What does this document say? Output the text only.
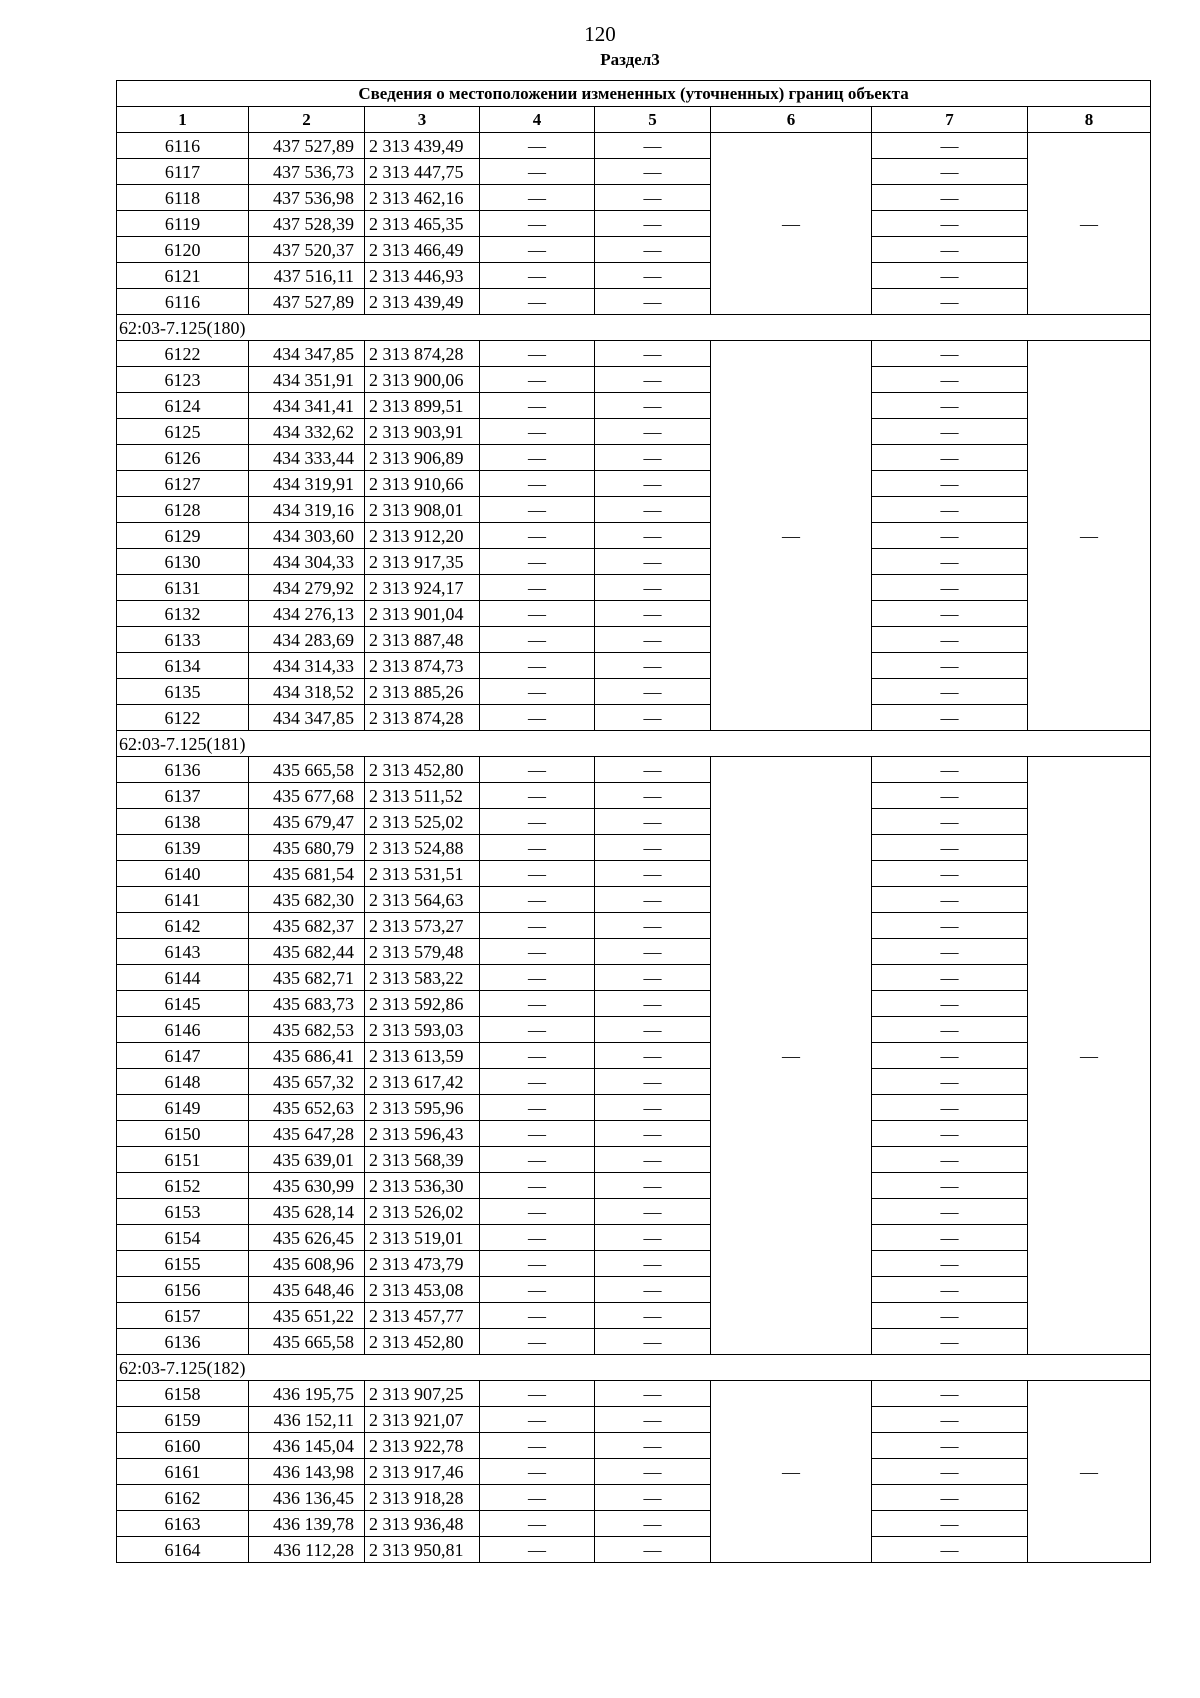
120
Раздел3
Сведения о местоположении измененных (уточненных) границ объекта							
1	2	3	4	5	6	7	8
6116	437 527,89	2 313 439,49	—	—	—	—	—
6117	437 536,73	2 313 447,75	—	—		—	
6118	437 536,98	2 313 462,16	—	—		—	
6119	437 528,39	2 313 465,35	—	—		—	
6120	437 520,37	2 313 466,49	—	—		—	
6121	437 516,11	2 313 446,93	—	—		—	
6116	437 527,89	2 313 439,49	—	—		—	
62:03-7.125(180)							
6122	434 347,85	2 313 874,28	—	—	—	—	—
6123	434 351,91	2 313 900,06	—	—		—	
6124	434 341,41	2 313 899,51	—	—		—	
6125	434 332,62	2 313 903,91	—	—		—	
6126	434 333,44	2 313 906,89	—	—		—	
6127	434 319,91	2 313 910,66	—	—		—	
6128	434 319,16	2 313 908,01	—	—		—	
6129	434 303,60	2 313 912,20	—	—		—	
6130	434 304,33	2 313 917,35	—	—		—	
6131	434 279,92	2 313 924,17	—	—		—	
6132	434 276,13	2 313 901,04	—	—		—	
6133	434 283,69	2 313 887,48	—	—		—	
6134	434 314,33	2 313 874,73	—	—		—	
6135	434 318,52	2 313 885,26	—	—		—	
6122	434 347,85	2 313 874,28	—	—		—	
62:03-7.125(181)							
6136	435 665,58	2 313 452,80	—	—	—	—	—
6137	435 677,68	2 313 511,52	—	—		—	
6138	435 679,47	2 313 525,02	—	—		—	
6139	435 680,79	2 313 524,88	—	—		—	
6140	435 681,54	2 313 531,51	—	—		—	
6141	435 682,30	2 313 564,63	—	—		—	
6142	435 682,37	2 313 573,27	—	—		—	
6143	435 682,44	2 313 579,48	—	—		—	
6144	435 682,71	2 313 583,22	—	—		—	
6145	435 683,73	2 313 592,86	—	—		—	
6146	435 682,53	2 313 593,03	—	—		—	
6147	435 686,41	2 313 613,59	—	—		—	
6148	435 657,32	2 313 617,42	—	—		—	
6149	435 652,63	2 313 595,96	—	—		—	
6150	435 647,28	2 313 596,43	—	—		—	
6151	435 639,01	2 313 568,39	—	—		—	
6152	435 630,99	2 313 536,30	—	—		—	
6153	435 628,14	2 313 526,02	—	—		—	
6154	435 626,45	2 313 519,01	—	—		—	
6155	435 608,96	2 313 473,79	—	—		—	
6156	435 648,46	2 313 453,08	—	—		—	
6157	435 651,22	2 313 457,77	—	—		—	
6136	435 665,58	2 313 452,80	—	—		—	
62:03-7.125(182)							
6158	436 195,75	2 313 907,25	—	—	—	—	—
6159	436 152,11	2 313 921,07	—	—		—	
6160	436 145,04	2 313 922,78	—	—		—	
6161	436 143,98	2 313 917,46	—	—		—	
6162	436 136,45	2 313 918,28	—	—		—	
6163	436 139,78	2 313 936,48	—	—		—	
6164	436 112,28	2 313 950,81	—	—		—	
